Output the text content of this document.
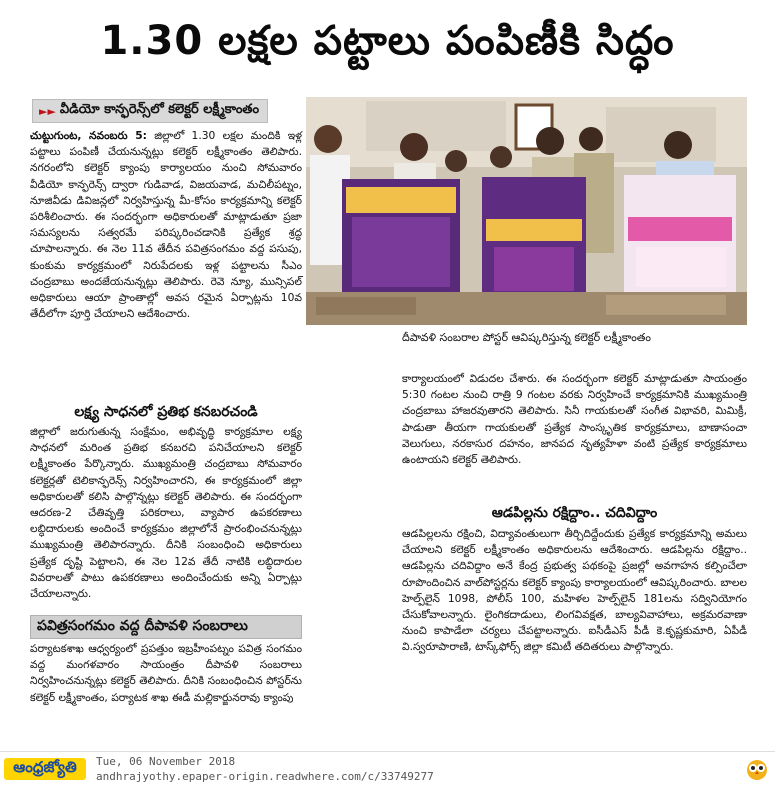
1.30 లక్షల పట్టాలు పంపిణీకి సిద్ధం
►► వీడియో కాన్ఫరెన్స్‌లో కలెక్టర్ లక్ష్మీకాంతం
చుట్టుగుంట, నవంబరు 5: జిల్లాలో 1.30 లక్షల మందికి ఇళ్ల పట్టాలు పంపిణీ చేయనున్నట్లు కలెక్టర్ లక్ష్మీకాంతం తెలిపారు. నగరంలోని కలెక్టర్ క్యాంపు కార్యాలయం నుంచి సోమవారం వీడియో కాన్ఫరెన్స్ ద్వారా గుడివాడ, విజయవాడ, మచిలీపట్నం, నూజివీడు డివిజన్లలో నిర్వహిస్తున్న మీ-కోసం కార్యక్రమాన్ని కలెక్టర్ పరిశీలించారు. ఈ సందర్భంగా అధికారులతో మాట్లాడుతూ ప్రజా సమస్యలను సత్వరమే పరిష్కరించడానికి ప్రత్యేక శ్రద్ధ చూపాలన్నారు. ఈ నెల 11వ తేదీన పవిత్రసంగమం వద్ద పసుపు, కుంకుమ కార్యక్రమంలో నిరుపేదలకు ఇళ్ల పట్టాలను సీఎం చంద్రబాబు అందజేయనున్నట్లు తెలిపారు. రెవె న్యూ, మున్సిపల్ అధికారులు ఆయా ప్రాంతాల్లో అవస రమైన ఏర్పాట్లను 10వ తేదీలోగా పూర్తి చేయాలని ఆదేశించారు.
దీపావళి సంబరాల పోస్టర్ ఆవిష్కరిస్తున్న కలెక్టర్ లక్ష్మీకాంతం
లక్ష్య సాధనలో ప్రతిభ కనబరచండి
జిల్లాలో జరుగుతున్న సంక్షేమం, అభివృద్ధి కార్యక్రమాల లక్ష్య సాధనలో మరింత ప్రతిభ కనబరచి పనిచేయాలని కలెక్టర్ లక్ష్మీకాంతం పేర్కొన్నారు. ముఖ్యమంత్రి చంద్రబాబు సోమవారం కలెక్టర్లతో టెలికాన్ఫరెన్స్ నిర్వహించారని, ఈ కార్యక్రమంలో జిల్లా అధికారులతో కలిసి పాల్గొన్నట్లు కలెక్టర్ తెలిపారు. ఈ సందర్భంగా ఆదరణ-2 చేతివృత్తి పరికరాలు, వ్యాపార ఉపకరణాలు లబ్ధిదారులకు అందించే కార్యక్రమం జిల్లాలోనే ప్రారంభించనున్నట్లు ముఖ్యమంత్రి తెలిపారన్నారు. దీనికి సంబంధించి అధికారులు ప్రత్యేక దృష్టి పెట్టాలని, ఈ నెల 12వ తేదీ నాటికి లబ్ధిదారుల వివరాలతో పాటు ఉపకరణాలు అందించేందుకు అన్ని ఏర్పాట్లు చేయాలన్నారు.
పవిత్రసంగమం వద్ద దీపావళి సంబరాలు
పర్యాటకశాఖ ఆధ్వర్యంలో ప్రపత్తుం ఇబ్రహీంపట్నం పవిత్ర సంగమం వద్ద మంగళవారం సాయంత్రం దీపావళి సంబరాలు నిర్వహించనున్నట్లు కలెక్టర్ తెలిపారు. దీనికి సంబంధించిన పోస్టర్‌ను కలెక్టర్ లక్ష్మీకాంతం, పర్యాటక శాఖ ఈడీ మల్లికార్జునరావు క్యాంపు
కార్యాలయంలో విడుదల చేశారు. ఈ సందర్భంగా కలెక్టర్ మాట్లాడుతూ సాయంత్రం 5:30 గంటల నుంచి రాత్రి 9 గంటల వరకు నిర్వహించే కార్యక్రమానికి ముఖ్యమంత్రి చంద్రబాబు హాజరవుతారని తెలిపారు. సినీ గాయకులతో సంగీత విభావరి, మిమిక్రీ, పాడుతా తీయగా గాయకులతో ప్రత్యేక సాంస్కృతిక కార్యక్రమాలు, బాణాసంచా వెలుగులు, నరకాసుర దహనం, జానపద నృత్యహేళా వంటి ప్రత్యేక కార్యక్రమాలు ఉంటాయని కలెక్టర్ తెలిపారు.
ఆడపిల్లను రక్షిద్దాం.. చదివిద్దాం
ఆడపిల్లలను రక్షించి, విద్యావంతులుగా తీర్చిదిద్దేందుకు ప్రత్యేక కార్యక్రమాన్ని అమలు చేయాలని కలెక్టర్ లక్ష్మీకాంతం అధికారులను ఆదేశించారు. ఆడపిల్లను రక్షిద్దాం.. ఆడపిల్లను చదివిద్దాం అనే కేంద్ర ప్రభుత్వ పథకంపై ప్రజల్లో అవగాహన కల్పించేలా రూపొందించిన వాల్‌పోస్టర్లను కలెక్టర్ క్యాంపు కార్యాలయంలో ఆవిష్కరించారు. బాలల హెల్ప్‌లైన్ 1098, పోలీస్ 100, మహిళల హెల్ప్‌లైన్ 181లను సద్వినియోగం చేసుకోవాలన్నారు. లైంగికదాడులు, లింగవివక్షత, బాల్యవివాహాలు, అక్రమరవాణా నుంచి కాపాడేలా చర్యలు చేపట్టాలన్నారు. ఐసీడీఎస్ పీడీ కె.కృష్ణకుమారి, ఏపీడీ వి.స్వరూపారాణి, టాస్క్‌ఫోర్స్ జిల్లా కమిటీ తదితరులు పాల్గొన్నారు.
ఆంధ్రజ్యోతి	Tue, 06 November 2018
andhrajyothy.epaper-origin.readwhere.com/c/33749277
